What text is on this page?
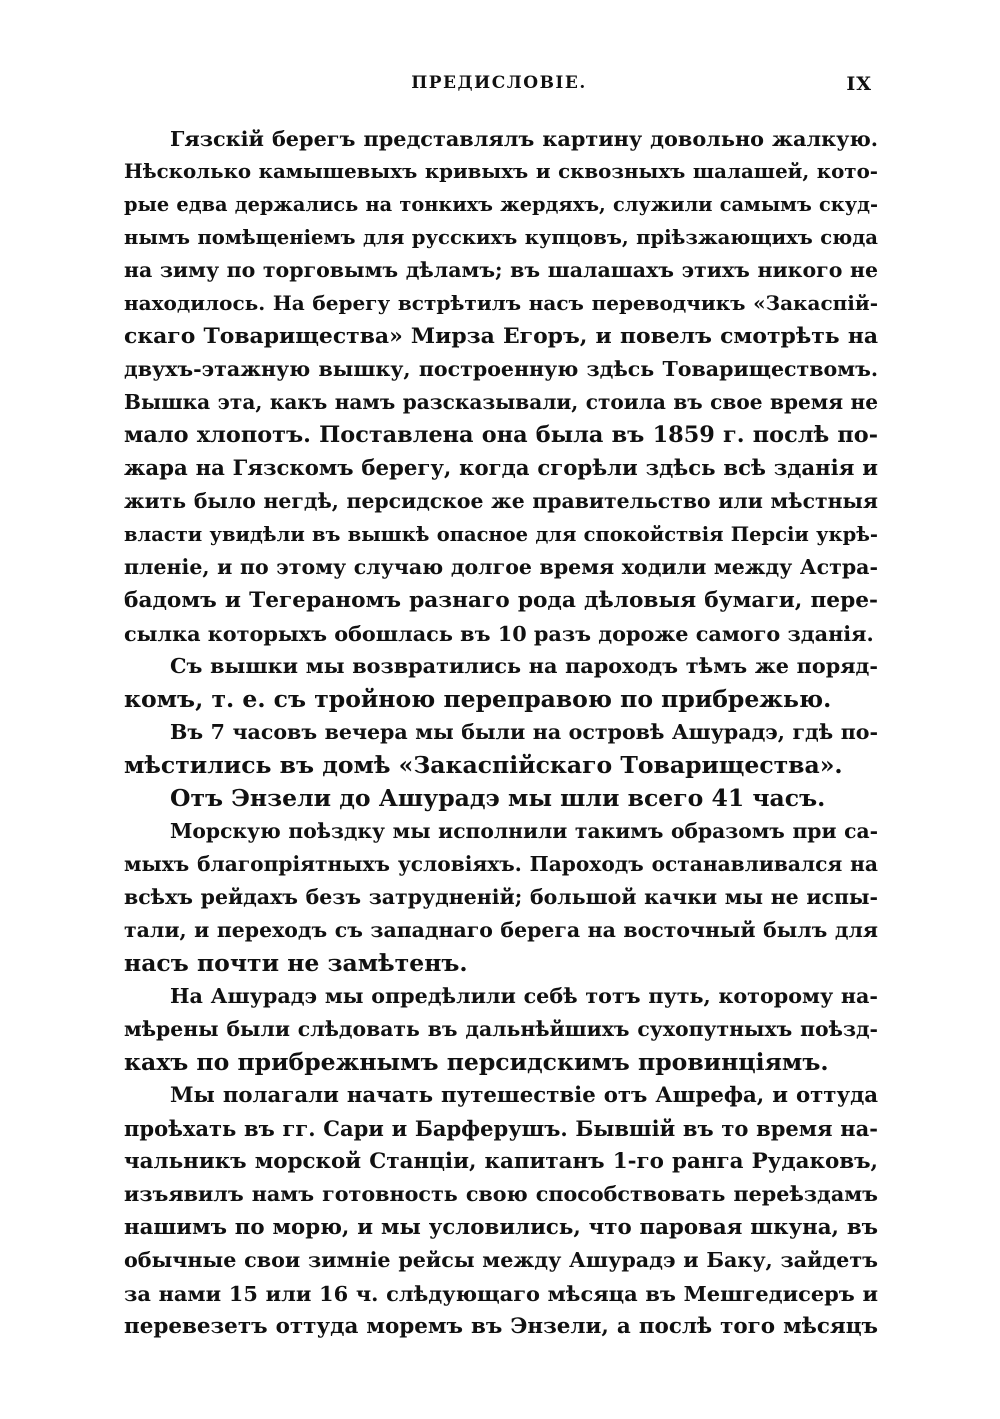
ПРЕДИСЛОВІЕ.	IX
Гязскій берегъ представлялъ картину довольно жалкую.
Нѣсколько камышевыхъ кривыхъ и сквозныхъ шалашей, кото-
рые едва держались на тонкихъ жердяхъ, служили самымъ скуд-
нымъ помѣщеніемъ для русскихъ купцовъ, пріѣзжающихъ сюда
на зиму по торговымъ дѣламъ; въ шалашахъ этихъ никого не
находилось. На берегу встрѣтилъ насъ переводчикъ «Закаспій-
скаго Товарищества» Мирза Егоръ, и повелъ смотрѣть на
двухъ-этажную вышку, построенную здѣсь Товариществомъ.
Вышка эта, какъ намъ разсказывали, стоила въ свое время не
мало хлопотъ. Поставлена она была въ 1859 г. послѣ по-
жара на Гязскомъ берегу, когда сгорѣли здѣсь всѣ зданія и
жить было негдѣ, персидское же правительство или мѣстныя
власти увидѣли въ вышкѣ опасное для спокойствія Персіи укрѣ-
пленіе, и по этому случаю долгое время ходили между Астра-
бадомъ и Тегераномъ разнаго рода дѣловыя бумаги, пере-
сылка которыхъ обошлась въ 10 разъ дороже самого зданія.
Съ вышки мы возвратились на пароходъ тѣмъ же поряд-
комъ, т. е. съ тройною переправою по прибрежью.
Въ 7 часовъ вечера мы были на островѣ Ашурадэ, гдѣ по-
мѣстились въ домѣ «Закаспійскаго Товарищества».
Отъ Энзели до Ашурадэ мы шли всего 41 часъ.
Морскую поѣздку мы исполнили такимъ образомъ при са-
мыхъ благопріятныхъ условіяхъ. Пароходъ останавливался на
всѣхъ рейдахъ безъ затрудненій; большой качки мы не испы-
тали, и переходъ съ западнаго берега на восточный былъ для
насъ почти не замѣтенъ.
На Ашурадэ мы опредѣлили себѣ тотъ путь, которому на-
мѣрены были слѣдовать въ дальнѣйшихъ сухопутныхъ поѣзд-
кахъ по прибрежнымъ персидскимъ провинціямъ.
Мы полагали начать путешествіе отъ Ашрефа, и оттуда
проѣхать въ гг. Сари и Барферушъ. Бывшій въ то время на-
чальникъ морской Станціи, капитанъ 1-го ранга Рудаковъ,
изъявилъ намъ готовность свою способствовать переѣздамъ
нашимъ по морю, и мы условились, что паровая шкуна, въ
обычные свои зимніе рейсы между Ашурадэ и Баку, зайдетъ
за нами 15 или 16 ч. слѣдующаго мѣсяца въ Мешгедисеръ и
перевезетъ оттуда моремъ въ Энзели, а послѣ того мѣсяцъ
